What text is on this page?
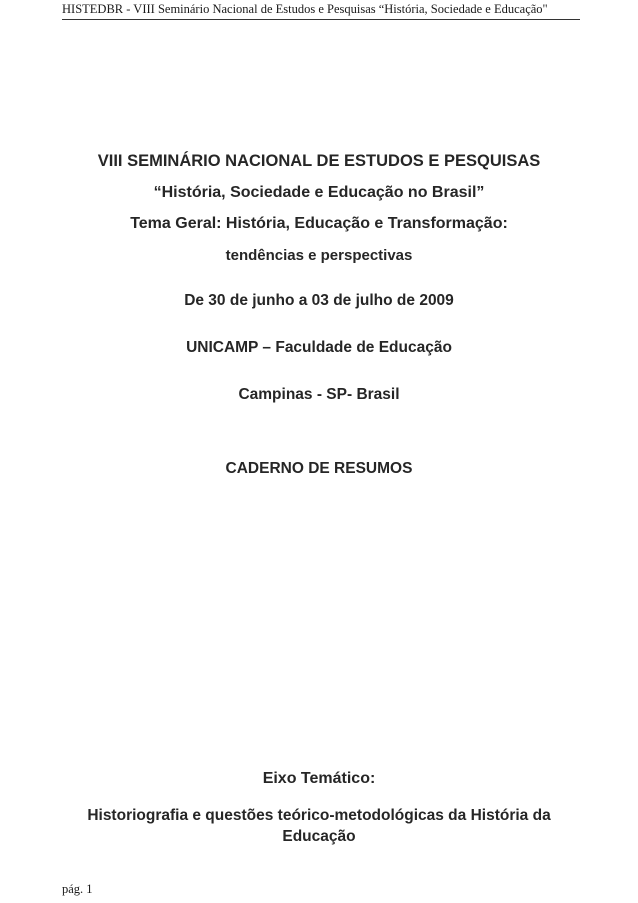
HISTEDBR - VIII Seminário Nacional de Estudos e Pesquisas “História, Sociedade e Educação"
VIII SEMINÁRIO NACIONAL DE ESTUDOS E PESQUISAS
“História, Sociedade e Educação no Brasil”
Tema Geral: História, Educação e Transformação:
tendências e perspectivas
De 30 de junho a 03 de julho de 2009
UNICAMP – Faculdade de Educação
Campinas - SP- Brasil
CADERNO DE RESUMOS
Eixo Temático:
Historiografia e questões teórico-metodológicas da História da Educação
pág. 1
